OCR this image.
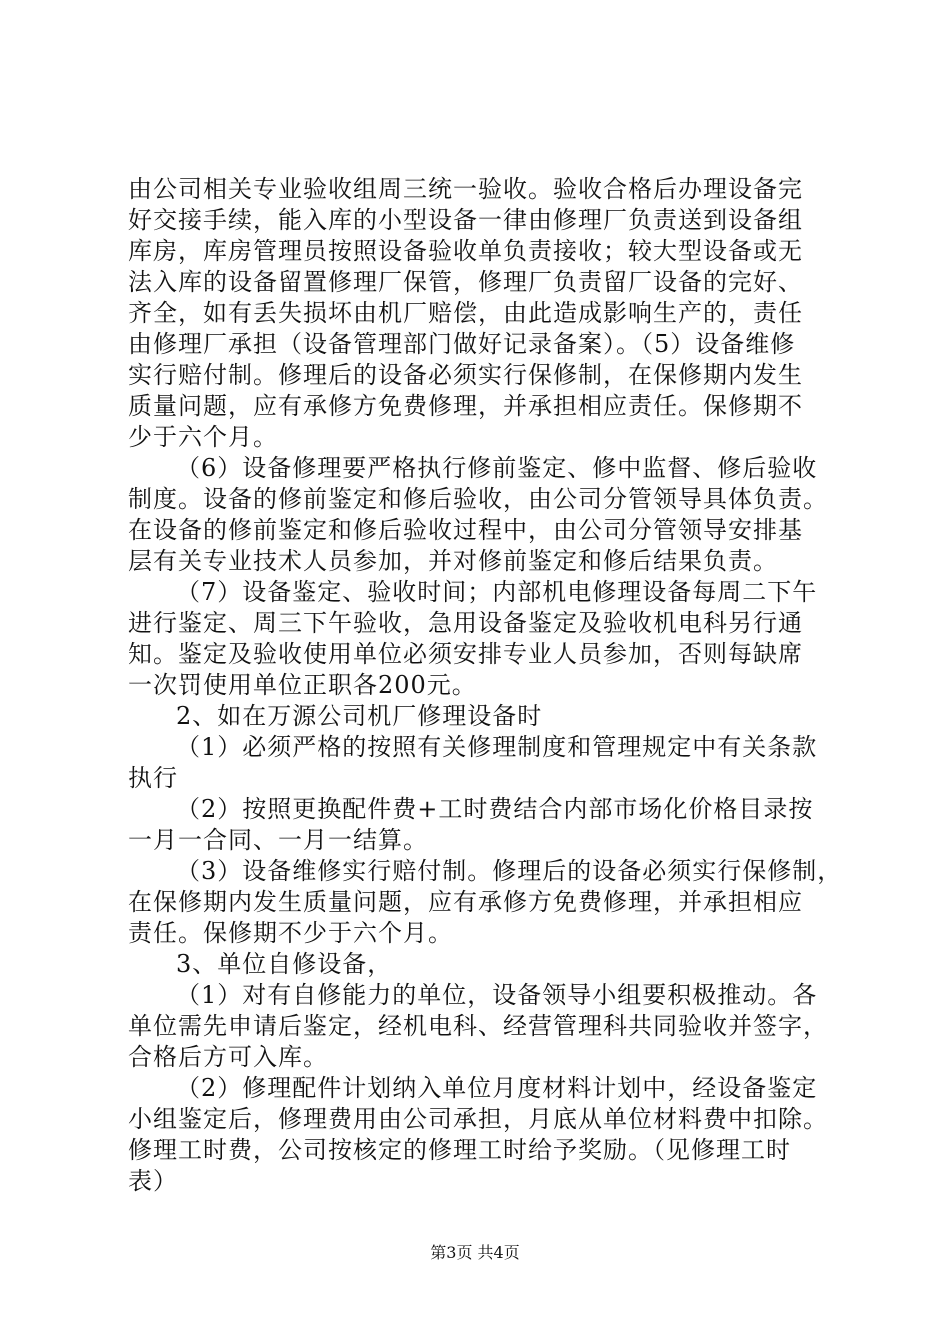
由公司相关专业验收组周三统一验收。验收合格后办理设备完
好交接手续，能入库的小型设备一律由修理厂负责送到设备组
库房，库房管理员按照设备验收单负责接收；较大型设备或无
法入库的设备留置修理厂保管，修理厂负责留厂设备的完好、
齐全，如有丢失损坏由机厂赔偿，由此造成影响生产的，责任
由修理厂承担（设备管理部门做好记录备案）。（5）设备维修
实行赔付制。修理后的设备必须实行保修制，在保修期内发生
质量问题，应有承修方免费修理，并承担相应责任。保修期不
少于六个月。
（6）设备修理要严格执行修前鉴定、修中监督、修后验收
制度。设备的修前鉴定和修后验收，由公司分管领导具体负责。
在设备的修前鉴定和修后验收过程中，由公司分管领导安排基
层有关专业技术人员参加，并对修前鉴定和修后结果负责。
（7）设备鉴定、验收时间；内部机电修理设备每周二下午
进行鉴定、周三下午验收，急用设备鉴定及验收机电科另行通
知。鉴定及验收使用单位必须安排专业人员参加，否则每缺席
一次罚使用单位正职各200元。
2、如在万源公司机厂修理设备时
（1）必须严格的按照有关修理制度和管理规定中有关条款
执行
（2）按照更换配件费+工时费结合内部市场化价格目录按
一月一合同、一月一结算。
（3）设备维修实行赔付制。修理后的设备必须实行保修制，
在保修期内发生质量问题，应有承修方免费修理，并承担相应
责任。保修期不少于六个月。
3、单位自修设备，
（1）对有自修能力的单位，设备领导小组要积极推动。各
单位需先申请后鉴定，经机电科、经营管理科共同验收并签字，
合格后方可入库。
（2）修理配件计划纳入单位月度材料计划中，经设备鉴定
小组鉴定后，修理费用由公司承担，月底从单位材料费中扣除。
修理工时费，公司按核定的修理工时给予奖励。（见修理工时
表）
第3页 共4页
